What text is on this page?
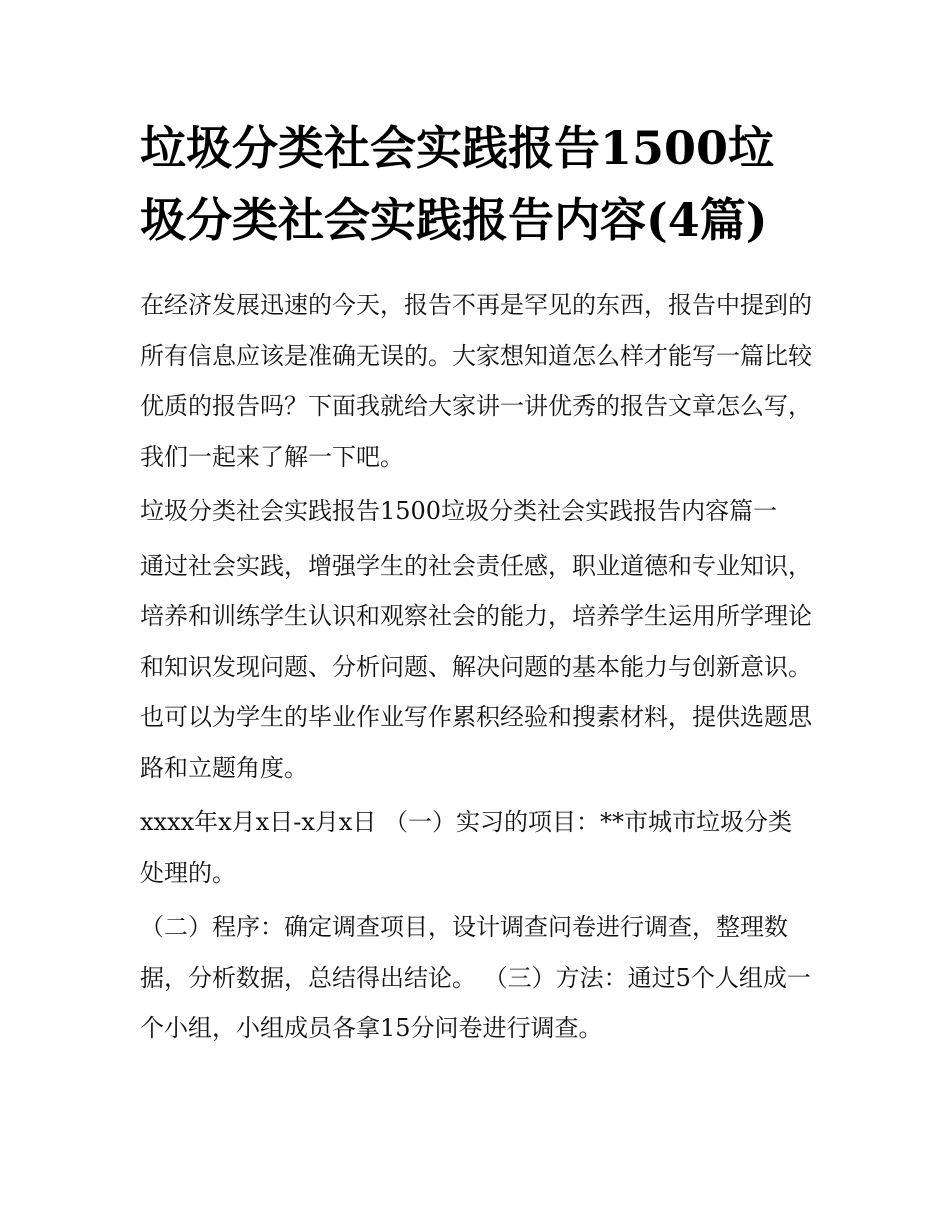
垃圾分类社会实践报告1500垃圾分类社会实践报告内容(4篇)

在经济发展迅速的今天，报告不再是罕见的东西，报告中提到的所有信息应该是准确无误的。大家想知道怎么样才能写一篇比较优质的报告吗？下面我就给大家讲一讲优秀的报告文章怎么写，我们一起来了解一下吧。

垃圾分类社会实践报告1500垃圾分类社会实践报告内容篇一

通过社会实践，增强学生的社会责任感，职业道德和专业知识，培养和训练学生认识和观察社会的能力，培养学生运用所学理论和知识发现问题、分析问题、解决问题的基本能力与创新意识。也可以为学生的毕业作业写作累积经验和搜素材料，提供选题思路和立题角度。

xxxx年x月x日-x月x日 （一）实习的项目：**市城市垃圾分类处理的。

（二）程序：确定调查项目，设计调查问卷进行调查，整理数据，分析数据，总结得出结论。 （三）方法：通过5个人组成一个小组，小组成员各拿15分问卷进行调查。
